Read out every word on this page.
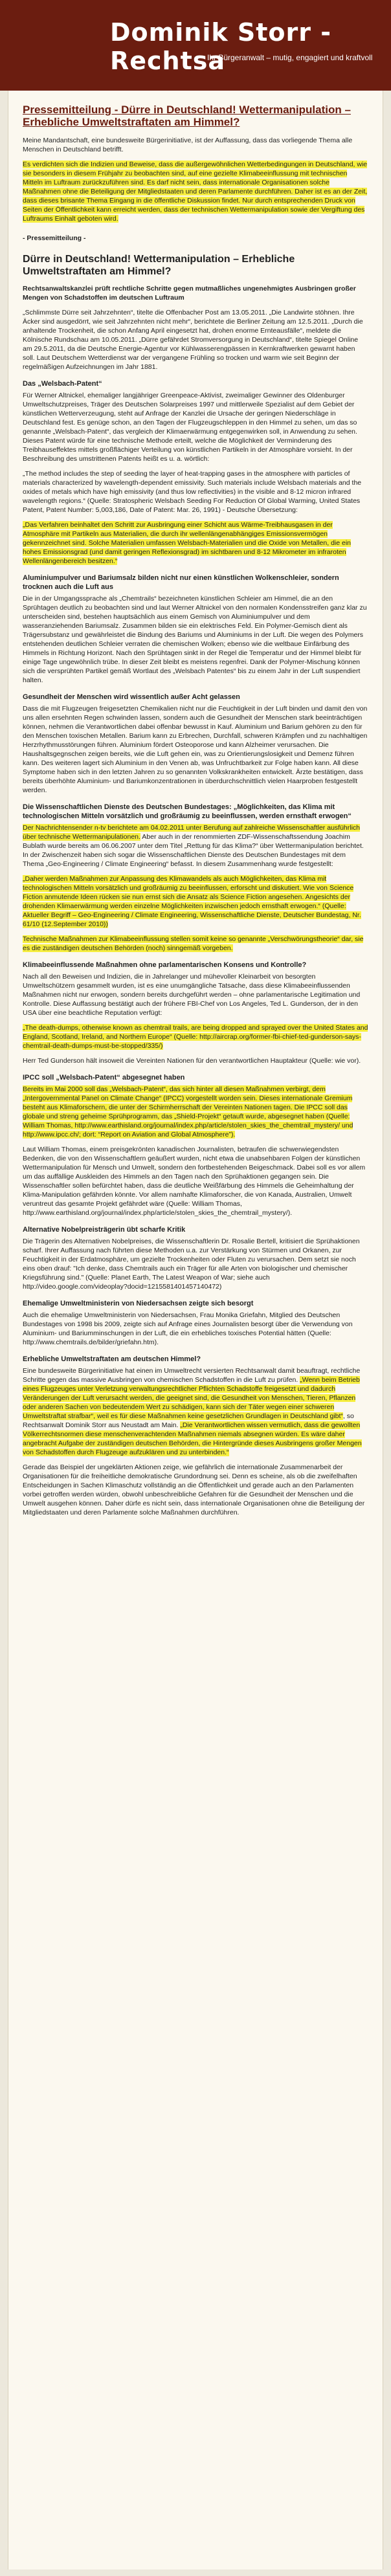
Dominik Storr - Rechtsa
Ihr Bürgeranwalt – mutig, engagiert und kraftvoll
Pressemitteilung - Dürre in Deutschland! Wettermanipulation – Erhebliche Umweltstraftaten am Himmel?

Meine Mandantschaft, eine bundesweite Bürgerinitiative, ist der Auffassung, dass das vorliegende Thema alle Menschen in Deutschland betrifft.

Es verdichten sich die Indizien und Beweise, dass die außergewöhnlichen Wetterbedingungen in Deutschland, wie sie besonders in diesem Frühjahr zu beobachten sind, auf eine gezielte Klimabeeinflussung mit technischen Mitteln im Luftraum zurückzuführen sind. Es darf nicht sein, dass internationale Organisationen solche Maßnahmen ohne die Beteiligung der Mitgliedstaaten und deren Parlamente durchführen. Daher ist es an der Zeit, dass dieses brisante Thema Eingang in die öffentliche Diskussion findet. Nur durch entsprechenden Druck von Seiten der Öffentlichkeit kann erreicht werden, dass der technischen Wettermanipulation sowie der Vergiftung des Luftraums Einhalt geboten wird.

- Pressemitteilung -
Dürre in Deutschland! Wettermanipulation – Erhebliche Umweltstraftaten am Himmel?

Rechtsanwaltskanzlei prüft rechtliche Schritte gegen mutmaßliches ungenehmigtes Ausbringen großer Mengen von Schadstoffen im deutschen Luftraum

„Schlimmste Dürre seit Jahrzehnten“, titelte die Offenbacher Post am 13.05.2011. „Die Landwirte stöhnen. Ihre Äcker sind ausgedörrt, wie seit Jahrzehnten nicht mehr“, berichtete die Berliner Zeitung am 12.5.2011. „Durch die anhaltende Trockenheit, die schon Anfang April eingesetzt hat, drohen enorme Ernteausfälle“, meldete die Kölnische Rundschau am 10.05.2011. „Dürre gefährdet Stromversorgung in Deutschland“, titelte Spiegel Online am 29.5.2011, da die Deutsche Energie-Agentur vor Kühlwasserengpässen in Kernkraftwerken gewarnt haben soll. Laut Deutschem Wetterdienst war der vergangene Frühling so trocken und warm wie seit Beginn der regelmäßigen Aufzeichnungen im Jahr 1881.

Das „Welsbach-Patent“

Für Werner Altnickel, ehemaliger langjähriger Greenpeace-Aktivist, zweimaliger Gewinner des Oldenburger Umweltschutzpreises, Träger des Deutschen Solarpreises 1997 und mittlerweile Spezialist auf dem Gebiet der künstlichen Wetterverzeugung, steht auf Anfrage der Kanzlei die Ursache der geringen Niederschläge in Deutschland fest. Es genüge schon, an den Tagen der Flugzeugschleppen in den Himmel zu sehen, um das so genannte „Welsbach-Patent“, das vergleich der Klimaerwärmung entgegenwirken soll, in Anwendung zu sehen. Dieses Patent würde für eine technische Methode erteilt, welche die Möglichkeit der Verminderung des Treibhauseffektes mittels großflächiger Verteilung von künstlichen Partikeln in der Atmosphäre vorsieht. In der Beschreibung des umstrittenen Patents heißt es u. a. wörtlich:

„The method includes the step of seeding the layer of heat-trapping gases in the atmosphere with particles of materials characterized by wavelength-dependent emissivity. Such materials include Welsbach materials and the oxides of metals which have high emissivity (and thus low reflectivities) in the visible and 8-12 micron infrared wavelength regions.“ (Quelle: Stratospheric Welsbach Seeding For Reduction Of Global Warming, United States Patent, Patent Number: 5,003,186, Date of Patent: Mar. 26, 1991) - Deutsche Übersetzung:

„Das Verfahren beinhaltet den Schritt zur Ausbringung einer Schicht aus Wärme-Treibhausgasen in der Atmosphäre mit Partikeln aus Materialien, die durch ihr wellenlängenabhängiges Emissionsvermögen gekennzeichnet sind. Solche Materialien umfassen Welsbach-Materialien und die Oxide von Metallen, die ein hohes Emissionsgrad (und damit geringen Reflexionsgrad) im sichtbaren und 8-12 Mikrometer im infraroten Wellenlängenbereich besitzen.“

Aluminiumpulver und Bariumsalz bilden nicht nur einen künstlichen Wolkenschleier, sondern trocknen auch die Luft aus

Die in der Umgangssprache als „Chemtrails“ bezeichneten künstlichen Schleier am Himmel, die an den Sprühtagen deutlich zu beobachten sind und laut Werner Altnickel von den normalen Kondensstreifen ganz klar zu unterscheiden sind, bestehen hauptsächlich aus einem Gemisch von Aluminiumpulver und dem wasseranziehenden Bariumsalz. Zusammen bilden sie ein elektrisches Feld. Ein Polymer-Gemisch dient als Trägersubstanz und gewährleistet die Bindung des Bariums und Aluminiums in der Luft. Die wegen des Polymers entstehenden deutlichen Schleier verraten die chemischen Wolken; ebenso wie die weltbaue Einfärbung des Himmels in Richtung Horizont. Nach den Sprühtagen sinkt in der Regel die Temperatur und der Himmel bleibt für einige Tage ungewöhnlich trübe. In dieser Zeit bleibt es meistens regenfrei. Dank der Polymer-Mischung können sich die versprühten Partikel gemäß Wortlaut des „Welsbach Patentes“ bis zu einem Jahr in der Luft suspendiert halten.

Gesundheit der Menschen wird wissentlich außer Acht gelassen

Dass die mit Flugzeugen freigesetzten Chemikalien nicht nur die Feuchtigkeit in der Luft binden und damit den von uns allen ersehnten Regen schwinden lassen, sondern auch die Gesundheit der Menschen stark beeinträchtigen können, nehmen die Verantwortlichen dabei offenbar bewusst in Kauf. Aluminium und Barium gehören zu den für den Menschen toxischen Metallen. Barium kann zu Erbrechen, Durchfall, schweren Krämpfen und zu nachhaltigen Herzrhythmusstörungen führen. Aluminium fördert Osteoporose und kann Alzheimer verursachen. Die Haushaltsgegnschen zeigen bereits, wie die Luft gehen ein, was zu Orientierungslosigkeit und Demenz führen kann. Des weiteren lagert sich Aluminium in den Venen ab, was Unfruchtbarkeit zur Folge haben kann. All diese Symptome haben sich in den letzten Jahren zu so genannten Volkskrankheiten entwickelt. Ärzte bestätigen, dass bereits überhöhte Aluminium- und Bariumkonzentrationen in überdurchschnittlich vielen Haarproben festgestellt werden.

Die Wissenschaftlichen Dienste des Deutschen Bundestages: „Möglichkeiten, das Klima mit technologischen Mitteln vorsätzlich und großräumig zu beeinflussen, werden ernsthaft erwogen“

Der Nachrichtensender n-tv berichtete am 04.02.2011 unter Berufung auf zahlreiche Wissenschaftler ausführlich über technische Wettermanipulationen. Aber auch in der renommierten ZDF-Wissenschaftssendung Joachim Bublath wurde bereits am 06.06.2007 unter dem Titel „Rettung für das Klima?“ über Wettermanipulation berichtet. In der Zwischenzeit haben sich sogar die Wissenschaftlichen Dienste des Deutschen Bundestages mit dem Thema „Geo-Engineering / Climate Engineering“ befasst. In diesem Zusammenhang wurde festgestellt:

„Daher werden Maßnahmen zur Anpassung des Klimawandels als auch Möglichkeiten, das Klima mit technologischen Mitteln vorsätzlich und großräumig zu beeinflussen, erforscht und diskutiert. Wie von Science Fiction anmutende Ideen rücken sie nun ernst sich die Ansatz als Science Fiction angesehen. Angesichts der drohenden Klimaerwärmung werden einzelne Möglichkeiten inzwischen jedoch ernsthaft erwogen.“ (Quelle: Aktueller Begriff – Geo-Engineering / Climate Engineering, Wissenschaftliche Dienste, Deutscher Bundestag, Nr. 61/10 (12.September 2010))

Technische Maßnahmen zur Klimabeeinflussung stellen somit keine so genannte „Verschwörungstheorie“ dar, sie es die zuständigen deutschen Behörden (noch) sinngemäß vorgeben.

Klimabeeinflussende Maßnahmen ohne parlamentarischen Konsens und Kontrolle?

Nach all den Beweisen und Indizien, die in Jahrelanger und mühevoller Kleinarbeit von besorgten Umweltschützern gesammelt wurden, ist es eine unumgängliche Tatsache, dass diese Klimabeeinflussenden Maßnahmen nicht nur erwogen, sondern bereits durchgeführt werden – ohne parlamentarische Legitimation und Kontrolle. Diese Auffassung bestätigt auch der frühere FBI-Chef von Los Angeles, Ted L. Gunderson, der in den USA über eine beachtliche Reputation verfügt:

„The death-dumps, otherwise known as chemtrail trails, are being dropped and sprayed over the United States and England, Scotland, Ireland, and Northern Europe“ (Quelle: http://aircrap.org/former-fbi-chief-ted-gunderson-says-chemtrail-death-dumps-must-be-stopped/335/)

Herr Ted Gunderson hält insoweit die Vereinten Nationen für den verantwortlichen Hauptakteur (Quelle: wie vor).

IPCC soll „Welsbach-Patent“ abgesegnet haben

Bereits im Mai 2000 soll das „Welsbach-Patent“, das sich hinter all diesen Maßnahmen verbirgt, dem „Intergovernmental Panel on Climate Change“ (IPCC) vorgestellt worden sein. Dieses internationale Gremium besteht aus Klimaforschern, die unter der Schirmherrschaft der Vereinten Nationen tagen. Die IPCC soll das globale und streng geheime Sprühprogramm, das „Shield-Projekt“ getauft wurde, abgesegnet haben (Quelle: William Thomas, http://www.earthisland.org/journal/index.php/article/stolen_skies_the_chemtrail_mystery/ und http://www.ipcc.ch/; dort: “Report on Aviation and Global Atmosphere”).

Laut William Thomas, einem preisgekrönten kanadischen Journalisten, betraufen die schwerwiegendsten Bedenken, die von den Wissenschaftlern geäußert wurden, nicht etwa die unabsehbaren Folgen der künstlichen Wettermanipulation für Mensch und Umwelt, sondern den fortbestehenden Beigeschmack. Dabei soll es vor allem um das auffällige Auskleiden des Himmels an den Tagen nach den Sprühaktionen gegangen sein. Die Wissenschaftler sollen befürchtet haben, dass die deutliche Weißfärbung des Himmels die Geheimhaltung der Klima-Manipulation gefährden könnte. Vor allem namhafte Klimaforscher, die von Kanada, Australien, Umwelt veruntreut das gesamte Projekt gefährdet wäre (Quelle: William Thomas, http://www.earthisland.org/journal/index.php/article/stolen_skies_the_chemtrail_mystery/).

Alternative Nobelpreisträgerin übt scharfe Kritik

Die Trägerin des Alternativen Nobelpreises, die Wissenschaftlerin Dr. Rosalie Bertell, kritisiert die Sprühaktionen scharf. Ihrer Auffassung nach führten diese Methoden u.a. zur Verstärkung von Stürmen und Orkanen, zur Feuchtigkeit in der Erdatmosphäre, um gezielte Trockenheiten oder Fluten zu verursachen. Dem setzt sie noch eins oben drauf: "Ich denke, dass Chemtrails auch ein Träger für alle Arten von biologischer und chemischer Kriegsführung sind." (Quelle: Planet Earth, The Latest Weapon of War; siehe auch http://video.google.com/videoplay?docid=1215581401457140472)

Ehemalige Umweltministerin von Niedersachsen zeigte sich besorgt

Auch die ehemalige Umweltministerin von Niedersachsen, Frau Monika Griefahn, Mitglied des Deutschen Bundestages von 1998 bis 2009, zeigte sich auf Anfrage eines Journalisten besorgt über die Verwendung von Aluminium- und Bariumminschungen in der Luft, die ein erhebliches toxisches Potential hätten (Quelle: http://www.chemtrails.de/bilder/griefahn.htm).

Erhebliche Umweltstraftaten am deutschen Himmel?

Eine bundesweite Bürgerinitiative hat einen im Umweltrecht versierten Rechtsanwalt damit beauftragt, rechtliche Schritte gegen das massive Ausbringen von chemischen Schadstoffen in die Luft zu prüfen. „Wenn beim Betrieb eines Flugzeuges unter Verletzung verwaltungsrechtlicher Pflichten Schadstoffe freigesetzt und dadurch Veränderungen der Luft verursacht werden, die geeignet sind, die Gesundheit von Menschen, Tieren, Pflanzen oder anderen Sachen von bedeutendem Wert zu schädigen, kann sich der Täter wegen einer schweren Umweltstraftat strafbar“, weil es für diese Maßnahmen keine gesetzlichen Grundlagen in Deutschland gibt“, so Rechtsanwalt Dominik Storr aus Neustadt am Main. „Die Verantwortlichen wissen vermutlich, dass die gewollten Völkerrechtsnormen diese menschenverachtenden Maßnahmen niemals absegnen würden. Es wäre daher angebracht Aufgabe der zuständigen deutschen Behörden, die Hintergründe dieses Ausbringens großer Mengen von Schadstoffen durch Flugzeuge aufzuklären und zu unterbinden.“

Gerade das Beispiel der ungeklärten Aktionen zeige, wie gefährlich die internationale Zusammenarbeit der Organisationen für die freiheitliche demokratische Grundordnung sei. Denn es scheine, als ob die zweifelhaften Entscheidungen in Sachen Klimaschutz vollständig an die Öffentlichkeit und gerade auch an den Parlamenten vorbei getroffen werden würden, obwohl unbeschreibliche Gefahren für die Gesundheit der Menschen und die Umwelt ausgehen können. Daher dürfe es nicht sein, dass internationale Organisationen ohne die Beteiligung der Mitgliedstaaten und deren Parlamente solche Maßnahmen durchführen.
